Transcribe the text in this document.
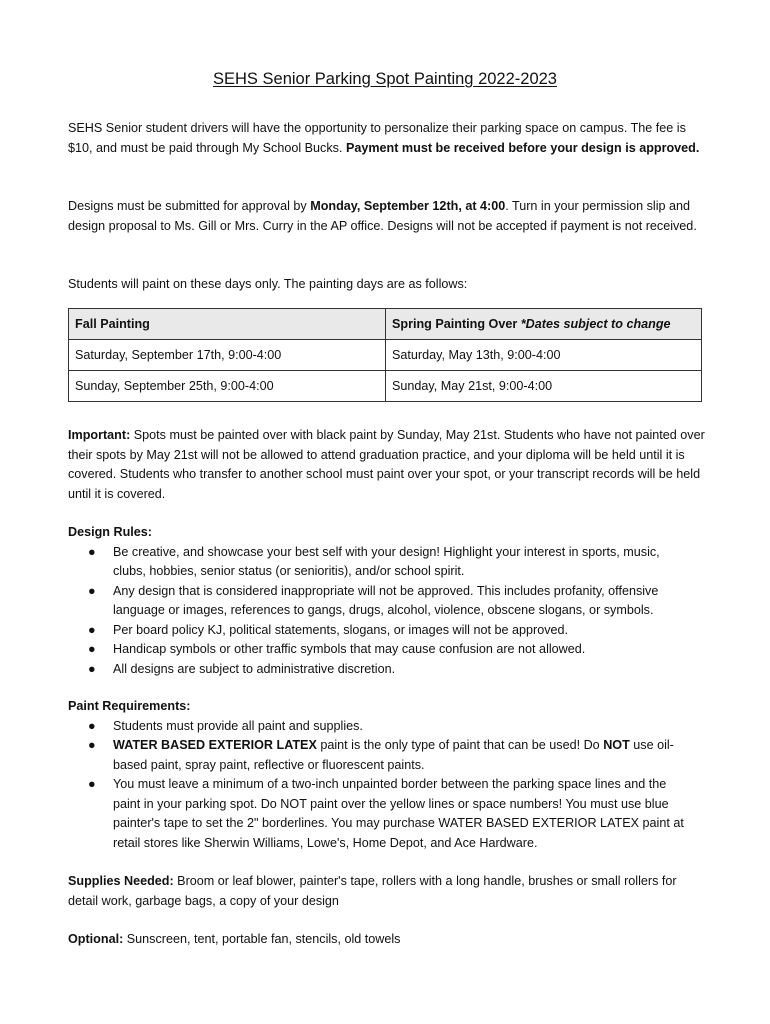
SEHS Senior Parking Spot Painting 2022-2023

SEHS Senior student drivers will have the opportunity to personalize their parking space on campus. The fee is $10, and must be paid through My School Bucks. Payment must be received before your design is approved.

Designs must be submitted for approval by Monday, September 12th, at 4:00. Turn in your permission slip and design proposal to Ms. Gill or Mrs. Curry in the AP office. Designs will not be accepted if payment is not received.

Students will paint on these days only. The painting days are as follows:

Fall Painting	Spring Painting Over *Dates subject to change
Saturday, September 17th, 9:00-4:00	Saturday, May 13th, 9:00-4:00
Sunday, September 25th, 9:00-4:00	Sunday, May 21st, 9:00-4:00

Important: Spots must be painted over with black paint by Sunday, May 21st. Students who have not painted over their spots by May 21st will not be allowed to attend graduation practice, and your diploma will be held until it is covered. Students who transfer to another school must paint over your spot, or your transcript records will be held until it is covered.

Design Rules:
● Be creative, and showcase your best self with your design! Highlight your interest in sports, music, clubs, hobbies, senior status (or senioritis), and/or school spirit.
● Any design that is considered inappropriate will not be approved. This includes profanity, offensive language or images, references to gangs, drugs, alcohol, violence, obscene slogans, or symbols.
● Per board policy KJ, political statements, slogans, or images will not be approved.
● Handicap symbols or other traffic symbols that may cause confusion are not allowed.
● All designs are subject to administrative discretion.
Paint Requirements:
● Students must provide all paint and supplies.
● WATER BASED EXTERIOR LATEX paint is the only type of paint that can be used! Do NOT use oil-based paint, spray paint, reflective or fluorescent paints.
● You must leave a minimum of a two-inch unpainted border between the parking space lines and the paint in your parking spot. Do NOT paint over the yellow lines or space numbers! You must use blue painter's tape to set the 2" borderlines. You may purchase WATER BASED EXTERIOR LATEX paint at retail stores like Sherwin Williams, Lowe's, Home Depot, and Ace Hardware.

Supplies Needed: Broom or leaf blower, painter's tape, rollers with a long handle, brushes or small rollers for detail work, garbage bags, a copy of your design

Optional: Sunscreen, tent, portable fan, stencils, old towels
